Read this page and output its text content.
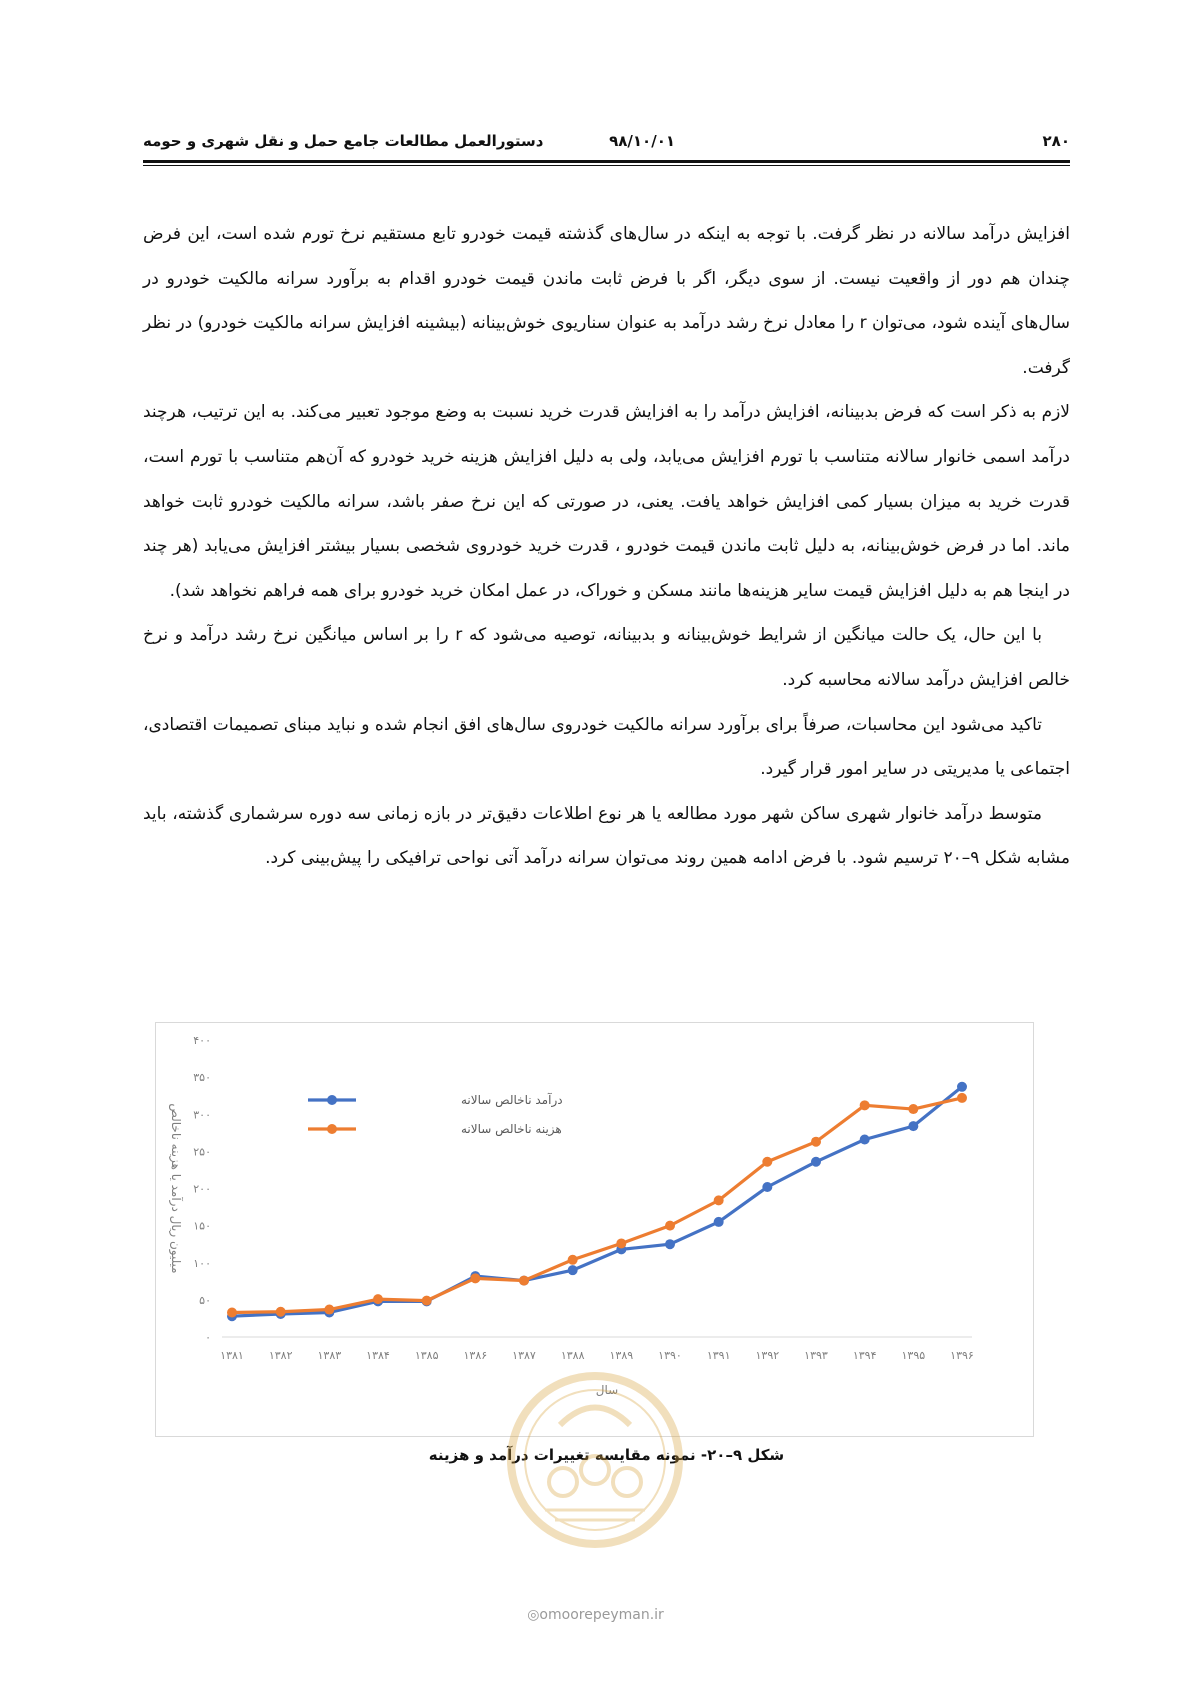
۲۸۰
۹۸/۱۰/۰۱
دستورالعمل مطالعات جامع حمل و نقل شهری و حومه

افزایش درآمد سالانه در نظر گرفت. با توجه به اینکه در سال‌های گذشته قیمت خودرو تابع مستقیم نرخ تورم شده است، این فرض چندان هم دور از واقعیت نیست. از سوی دیگر، اگر با فرض ثابت ماندن قیمت خودرو اقدام به برآورد سرانه مالکیت خودرو در سال‌های آینده شود، می‌توان r را معادل نرخ رشد درآمد به عنوان سناریوی خوش‌بینانه (بیشینه افزایش سرانه مالکیت خودرو) در نظر گرفت.

لازم به ذکر است که فرض بدبینانه، افزایش درآمد را به افزایش قدرت خرید نسبت به وضع موجود تعبیر می‌کند. به این ترتیب، هرچند درآمد اسمی خانوار سالانه متناسب با تورم افزایش می‌یابد، ولی به دلیل افزایش هزینه خرید خودرو که آن‌هم متناسب با تورم است، قدرت خرید به میزان بسیار کمی افزایش خواهد یافت. یعنی، در صورتی که این نرخ صفر باشد، سرانه مالکیت خودرو ثابت خواهد ماند. اما در فرض خوش‌بینانه، به دلیل ثابت ماندن قیمت خودرو ، قدرت خرید خودروی شخصی بسیار بیشتر افزایش می‌یابد (هر چند در اینجا هم به دلیل افزایش قیمت سایر هزینه‌ها مانند مسکن و خوراک، در عمل امکان خرید خودرو برای همه فراهم نخواهد شد).

با این حال، یک حالت میانگین از شرایط خوش‌بینانه و بدبینانه، توصیه می‌شود که r را بر اساس میانگین نرخ رشد درآمد و نرخ خالص افزایش درآمد سالانه محاسبه کرد.

تاکید می‌شود این محاسبات، صرفاً برای برآورد سرانه مالکیت خودروی سال‌های افق انجام شده و نباید مبنای تصمیمات اقتصادی، اجتماعی یا مدیریتی در سایر امور قرار گیرد.

متوسط درآمد خانوار شهری ساکن شهر مورد مطالعه یا هر نوع اطلاعات دقیق‌تر در بازه زمانی سه دوره سرشماری گذشته، باید مشابه شکل ۹–۲۰ ترسیم شود. با فرض ادامه همین روند می‌توان سرانه درآمد آتی نواحی ترافیکی را پیش‌بینی کرد.

۰
۵۰
۱۰۰
۱۵۰
۲۰۰
۲۵۰
۳۰۰
۳۵۰
۴۰۰
۱۳۸۱ ۱۳۸۲ ۱۳۸۳ ۱۳۸۴ ۱۳۸۵ ۱۳۸۶ ۱۳۸۷ ۱۳۸۸ ۱۳۸۹ ۱۳۹۰ ۱۳۹۱ ۱۳۹۲ ۱۳۹۳ ۱۳۹۴ ۱۳۹۵ ۱۳۹۶
میلیون ریال درآمد یا هزینه ناخالص
سال
درآمد ناخالص سالانه
هزینه ناخالص سالانه
شکل ۹–۲۰- نمونه مقایسه تغییرات درآمد و هزینه
◎omoorepeyman.ir
